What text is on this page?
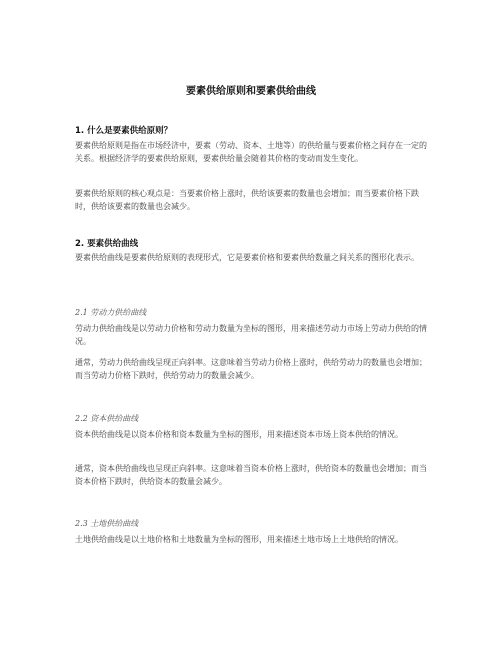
要素供给原则和要素供给曲线
1. 什么是要素供给原则？
要素供给原则是指在市场经济中，要素（劳动、资本、土地等）的供给量与要素价格之间存在一定的关系。根据经济学的要素供给原则，要素供给量会随着其价格的变动而发生变化。
要素供给原则的核心观点是：当要素价格上涨时，供给该要素的数量也会增加；而当要素价格下跌时，供给该要素的数量也会减少。
2. 要素供给曲线
要素供给曲线是要素供给原则的表现形式，它是要素价格和要素供给数量之间关系的图形化表示。
2.1 劳动力供给曲线
劳动力供给曲线是以劳动力价格和劳动力数量为坐标的图形，用来描述劳动力市场上劳动力供给的情况。
通常，劳动力供给曲线呈现正向斜率。这意味着当劳动力价格上涨时，供给劳动力的数量也会增加；而当劳动力价格下跌时，供给劳动力的数量会减少。
2.2 资本供给曲线
资本供给曲线是以资本价格和资本数量为坐标的图形，用来描述资本市场上资本供给的情况。
通常，资本供给曲线也呈现正向斜率。这意味着当资本价格上涨时，供给资本的数量也会增加；而当资本价格下跌时，供给资本的数量会减少。
2.3 土地供给曲线
土地供给曲线是以土地价格和土地数量为坐标的图形，用来描述土地市场上土地供给的情况。
